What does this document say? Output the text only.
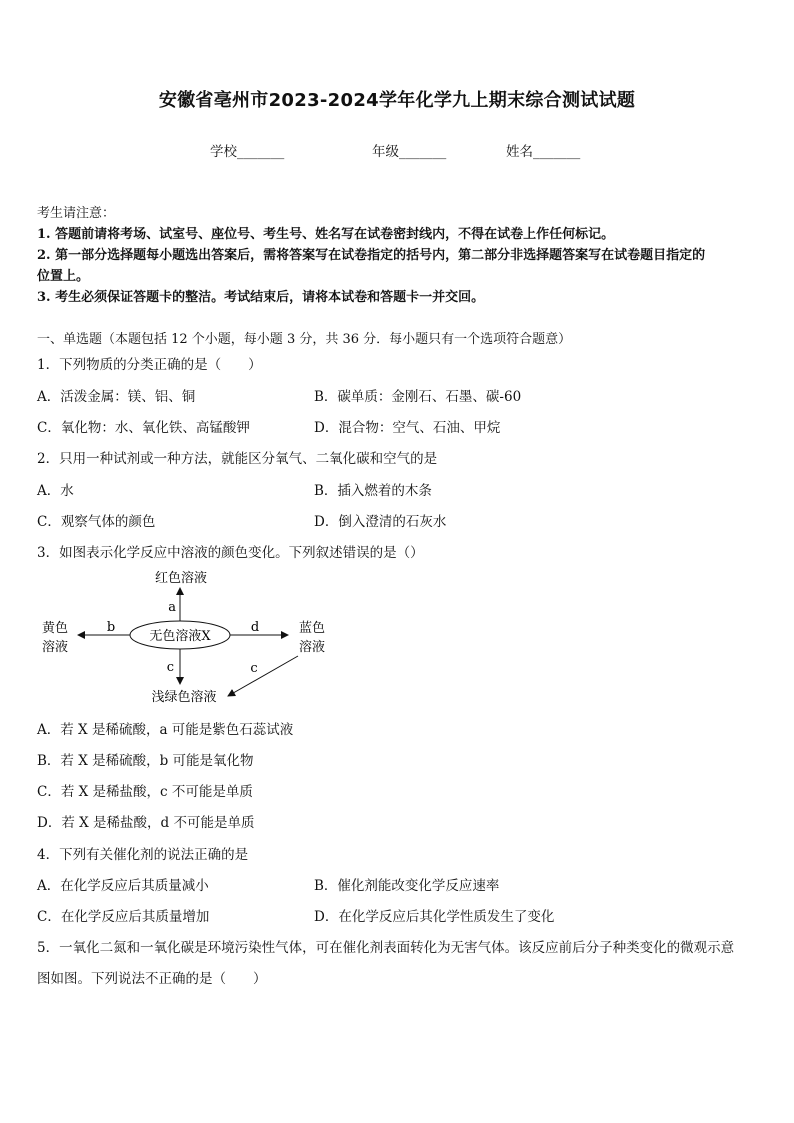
安徽省亳州市2023-2024学年化学九上期末综合测试试题
学校_______	年级_______	姓名_______
考生请注意：
1. 答题前请将考场、试室号、座位号、考生号、姓名写在试卷密封线内，不得在试卷上作任何标记。
2. 第一部分选择题每小题选出答案后，需将答案写在试卷指定的括号内，第二部分非选择题答案写在试卷题目指定的
位置上。
3. 考生必须保证答题卡的整洁。考试结束后，请将本试卷和答题卡一并交回。
一、单选题（本题包括 12 个小题，每小题 3 分，共 36 分．每小题只有一个选项符合题意）
1．下列物质的分类正确的是（　　）
A．活泼金属：镁、铝、铜	B．碳单质：金刚石、石墨、碳-60
C．氧化物：水、氧化铁、高锰酸钾	D．混合物：空气、石油、甲烷
2．只用一种试剂或一种方法，就能区分氧气、二氧化碳和空气的是
A．水	B．插入燃着的木条
C．观察气体的颜色	D．倒入澄清的石灰水
3．如图表示化学反应中溶液的颜色变化。下列叙述错误的是（）
无色溶液X
a
红色溶液
b
黄色
溶液
d	蓝色
溶液
c
浅绿色溶液
c
A．若 X 是稀硫酸，a 可能是紫色石蕊试液
B．若 X 是稀硫酸，b 可能是氧化物
C．若 X 是稀盐酸，c 不可能是单质
D．若 X 是稀盐酸，d 不可能是单质
4．下列有关催化剂的说法正确的是
A．在化学反应后其质量减小	B．催化剂能改变化学反应速率
C．在化学反应后其质量增加	D．在化学反应后其化学性质发生了变化
5．一氧化二氮和一氧化碳是环境污染性气体，可在催化剂表面转化为无害气体。该反应前后分子种类变化的微观示意
图如图。下列说法不正确的是（　　）
